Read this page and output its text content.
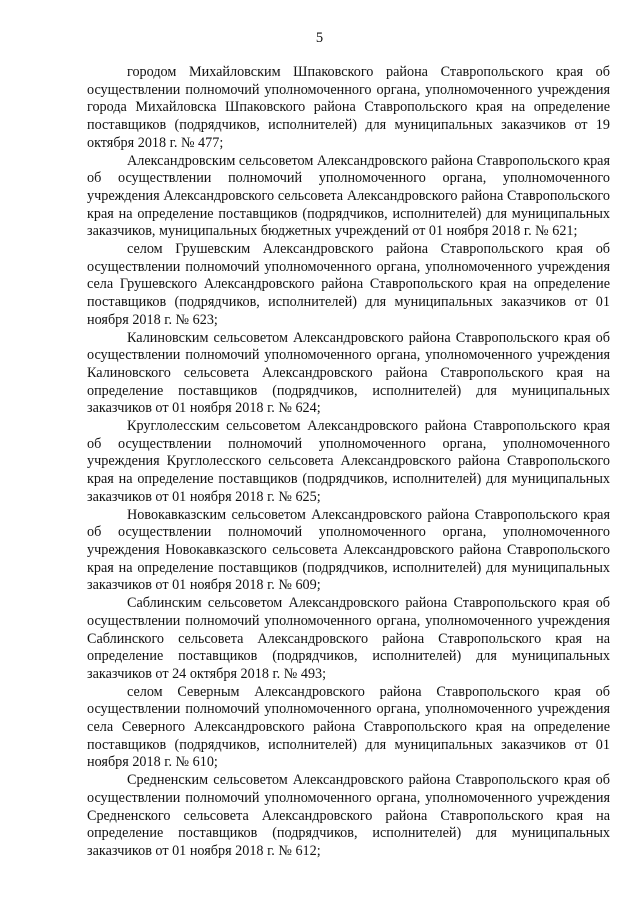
5

городом Михайловским Шпаковского района Ставропольского края об осуществлении полномочий уполномоченного органа, уполномоченного учреждения города Михайловска Шпаковского района Ставропольского края на определение поставщиков (подрядчиков, исполнителей) для муниципальных заказчиков от 19 октября 2018 г. № 477;

Александровским сельсоветом Александровского района Ставропольского края об осуществлении полномочий уполномоченного органа, уполномоченного учреждения Александровского сельсовета Александровского района Ставропольского края на определение поставщиков (подрядчиков, исполнителей) для муниципальных заказчиков, муниципальных бюджетных учреждений от 01 ноября 2018 г. № 621;

селом Грушевским Александровского района Ставропольского края об осуществлении полномочий уполномоченного органа, уполномоченного учреждения села Грушевского Александровского района Ставропольского края на определение поставщиков (подрядчиков, исполнителей) для муниципальных заказчиков от 01 ноября 2018 г. № 623;

Калиновским сельсоветом Александровского района Ставропольского края об осуществлении полномочий уполномоченного органа, уполномоченного учреждения Калиновского сельсовета Александровского района Ставропольского края на определение поставщиков (подрядчиков, исполнителей) для муниципальных заказчиков от 01 ноября 2018 г. № 624;

Круглолесским сельсоветом Александровского района Ставропольского края об осуществлении полномочий уполномоченного органа, уполномоченного учреждения Круглолесского сельсовета Александровского района Ставропольского края на определение поставщиков (подрядчиков, исполнителей) для муниципальных заказчиков от 01 ноября 2018 г. № 625;

Новокавказским сельсоветом Александровского района Ставропольского края об осуществлении полномочий уполномоченного органа, уполномоченного учреждения Новокавказского сельсовета Александровского района Ставропольского края на определение поставщиков (подрядчиков, исполнителей) для муниципальных заказчиков от 01 ноября 2018 г. № 609;

Саблинским сельсоветом Александровского района Ставропольского края об осуществлении полномочий уполномоченного органа, уполномоченного учреждения Саблинского сельсовета Александровского района Ставропольского края на определение поставщиков (подрядчиков, исполнителей) для муниципальных заказчиков от 24 октября 2018 г. № 493;

селом Северным Александровского района Ставропольского края об осуществлении полномочий уполномоченного органа, уполномоченного учреждения села Северного Александровского района Ставропольского края на определение поставщиков (подрядчиков, исполнителей) для муниципальных заказчиков от 01 ноября 2018 г. № 610;

Средненским сельсоветом Александровского района Ставропольского края об осуществлении полномочий уполномоченного органа, уполномоченного учреждения Средненского сельсовета Александровского района Ставропольского края на определение поставщиков (подрядчиков, исполнителей) для муниципальных заказчиков от 01 ноября 2018 г. № 612;
